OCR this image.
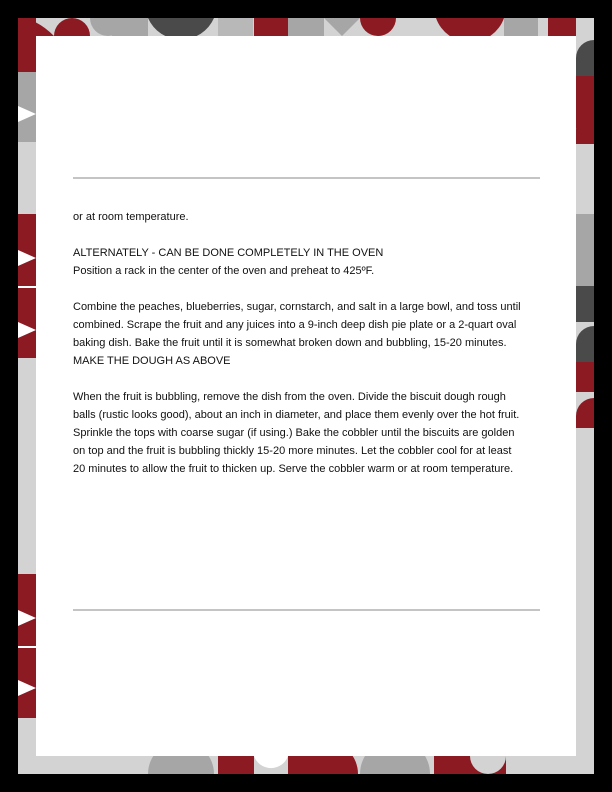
or at room temperature.
ALTERNATELY - CAN BE DONE COMPLETELY IN THE OVEN
Position a rack in the center of the oven and preheat to 425ºF.
Combine the peaches, blueberries, sugar, cornstarch, and salt in a large bowl, and toss until
combined. Scrape the fruit and any juices into a 9-inch deep dish pie plate or a 2-quart oval
baking dish. Bake the fruit until it is somewhat broken down and bubbling, 15-20 minutes.
MAKE THE DOUGH AS ABOVE
When the fruit is bubbling, remove the dish from the oven. Divide the biscuit dough rough
balls (rustic looks good), about an inch in diameter, and place them evenly over the hot fruit.
Sprinkle the tops with coarse sugar (if using.) Bake the cobbler until the biscuits are golden
on top and the fruit is bubbling thickly 15-20 more minutes. Let the cobbler cool for at least
20 minutes to allow the fruit to thicken up. Serve the cobbler warm or at room temperature.
